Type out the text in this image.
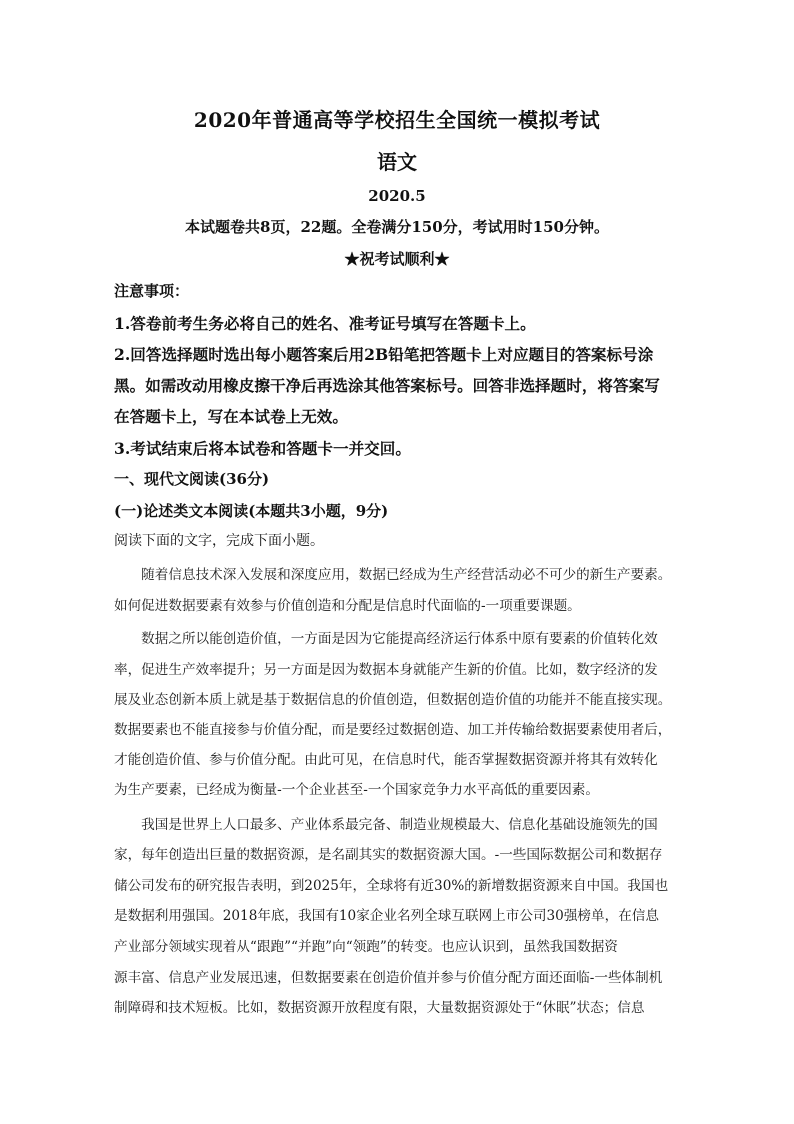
2020年普通高等学校招生全国统一模拟考试
语文
2020.5
本试题卷共8页，22题。全卷满分150分，考试用时150分钟。
★祝考试顺利★
注意事项：
1.答卷前考生务必将自己的姓名、准考证号填写在答题卡上。
2.回答选择题时选出每小题答案后用2B铅笔把答题卡上对应题目的答案标号涂
黑。如需改动用橡皮擦干净后再选涂其他答案标号。回答非选择题时，将答案写
在答题卡上，写在本试卷上无效。
3.考试结束后将本试卷和答题卡一并交回。
一、现代文阅读(36分)
(一)论述类文本阅读(本题共3小题，9分)
阅读下面的文字，完成下面小题。
　　随着信息技术深入发展和深度应用，数据已经成为生产经营活动必不可少的新生产要素。
如何促进数据要素有效参与价值创造和分配是信息时代面临的-一项重要课题。
　　数据之所以能创造价值，一方面是因为它能提高经济运行体系中原有要素的价值转化效
率，促进生产效率提升；另一方面是因为数据本身就能产生新的价值。比如，数字经济的发
展及业态创新本质上就是基于数据信息的价值创造，但数据创造价值的功能并不能直接实现。
数据要素也不能直接参与价值分配，而是要经过数据创造、加工并传输给数据要素使用者后，
才能创造价值、参与价值分配。由此可见，在信息时代，能否掌握数据资源并将其有效转化
为生产要素，已经成为衡量-一个企业甚至-一个国家竞争力水平高低的重要因素。
　　我国是世界上人口最多、产业体系最完备、制造业规模最大、信息化基础设施领先的国
家，每年创造出巨量的数据资源，是名副其实的数据资源大国。-一些国际数据公司和数据存
储公司发布的研究报告表明，到2025年，全球将有近30%的新增数据资源来自中国。我国也
是数据利用强国。2018年底，我国有10家企业名列全球互联网上市公司30强榜单，在信息
产业部分领域实现着从“跟跑”“并跑”向“领跑”的转变。也应认识到，虽然我国数据资
源丰富、信息产业发展迅速，但数据要素在创造价值并参与价值分配方面还面临-一些体制机
制障碍和技术短板。比如，数据资源开放程度有限，大量数据资源处于“休眠”状态；信息
